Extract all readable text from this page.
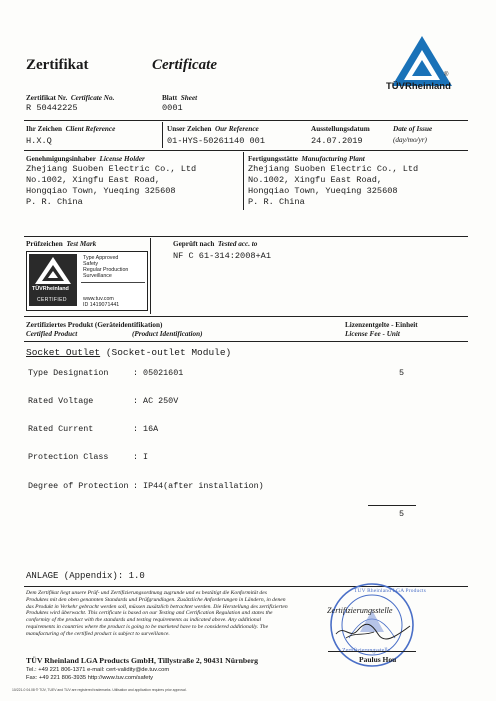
Zertifikat	Certificate
TÜVRheinland
®
Zertifikat Nr. Certificate No.
R 50442225
Blatt Sheet
0001
Ihr Zeichen Client Reference
H.X.Q
Unser Zeichen Our Reference
01-HYS-50261140 001
Ausstellungsdatum	Date of Issue
(day/mo/yr)
24.07.2019
Genehmigungsinhaber License Holder
Zhejiang Suoben Electric Co., Ltd
No.1002, Xingfu East Road,
Hongqiao Town, Yueqing 325608
P. R. China
Fertigungsstätte Manufacturing Plant
Zhejiang Suoben Electric Co., Ltd
No.1002, Xingfu East Road,
Hongqiao Town, Yueqing 325608
P. R. China
Prüfzeichen Test Mark
TÜVRheinland
CERTIFIED
Type Approved
Safety
Regular Production
Surveillance
www.tuv.com
ID 1419071441
Geprüft nach Tested acc. to
NF C 61-314:2008+A1
Zertifiziertes Produkt (Geräteidentifikation)
Certified Product	(Product Identification)
Lizenzentgelte - Einheit
License Fee - Unit
Socket Outlet (Socket-outlet Module)
Type Designation	: 05021601	5
Rated Voltage	: AC 250V
Rated Current	: 16A
Protection Class	: I
Degree of Protection : IP44(after installation)
5
ANLAGE (Appendix): 1.0
Dem Zertifikat liegt unsere Prüf- und Zertifizierungsordnung zugrunde und es bestätigt die Konformität des Produktes mit den oben genannten Standards und Prüfgrundlagen. Zusätzliche Anforderungen in Ländern, in denen das Produkt in Verkehr gebracht werden soll, müssen zusätzlich betrachtet werden. Die Herstellung des zertifizierten Produktes wird überwacht. This certificate is based on our Testing and Certification Regulation and states the conformity of the product with the standards and testing requirements as indicated above. Any additional requirements in countries where the product is going to be marketed have to be considered additionally. The manufacturing of the certified product is subject to surveillance.
TÜV Rheinland LGA Products
Zertifizierungsstelle
Zertifizierungsstelle
Paulus Hou
TÜV Rheinland LGA Products GmbH, Tillystraße 2, 90431 Nürnberg
Tel.: +49 221 806-1371 e-mail: cert-validity@de.tuv.com
Fax: +49 221 806-3935 http://www.tuv.com/safety
10/221-0 04.08 ® TÜV, TUEV and TUV are registered trademarks. Utilisation and application requires prior approval.
